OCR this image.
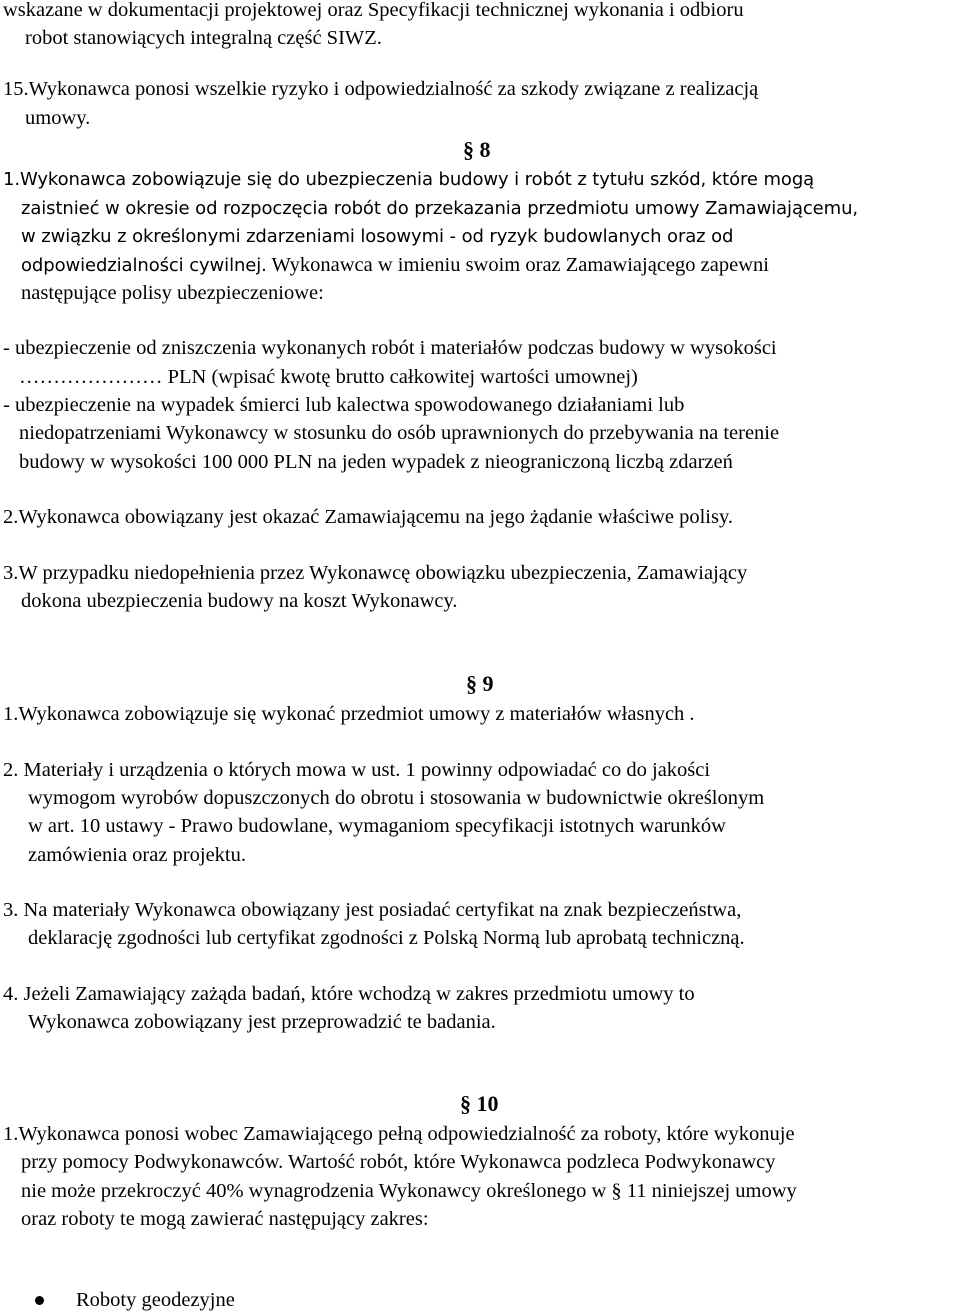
wskazane w dokumentacji projektowej oraz Specyfikacji technicznej wykonania i odbioru

robot stanowiących integralną część SIWZ.

15.Wykonawca ponosi wszelkie ryzyko i odpowiedzialność za szkody związane z realizacją

umowy.

§ 8

1.Wykonawca zobowiązuje się do ubezpieczenia budowy i robót z tytułu szkód, które mogą

zaistnieć w okresie od rozpoczęcia robót do przekazania przedmiotu umowy Zamawiającemu,

w związku z określonymi zdarzeniami losowymi - od ryzyk budowlanych oraz od

odpowiedzialności cywilnej. Wykonawca w imieniu swoim oraz Zamawiającego zapewni

następujące polisy ubezpieczeniowe:

- ubezpieczenie od zniszczenia wykonanych robót i materiałów podczas budowy w wysokości

………………… PLN (wpisać kwotę brutto całkowitej wartości umownej)

- ubezpieczenie na wypadek śmierci lub kalectwa spowodowanego działaniami lub

niedopatrzeniami Wykonawcy w stosunku do osób uprawnionych do przebywania na terenie

budowy w wysokości 100 000 PLN na jeden wypadek z nieograniczoną liczbą zdarzeń

2.Wykonawca obowiązany jest okazać Zamawiającemu na jego żądanie właściwe polisy.

3.W przypadku niedopełnienia przez Wykonawcę obowiązku ubezpieczenia, Zamawiający

dokona ubezpieczenia budowy na koszt Wykonawcy.

§ 9

1.Wykonawca zobowiązuje się wykonać przedmiot umowy z materiałów własnych .

2. Materiały i urządzenia o których mowa w ust. 1 powinny odpowiadać co do jakości

wymogom wyrobów dopuszczonych do obrotu i stosowania w budownictwie określonym

w art. 10 ustawy - Prawo budowlane, wymaganiom specyfikacji istotnych warunków

zamówienia oraz projektu.

3. Na materiały Wykonawca obowiązany jest posiadać certyfikat na znak bezpieczeństwa,

deklarację zgodności lub certyfikat zgodności z Polską Normą lub aprobatą techniczną.

4. Jeżeli Zamawiający zażąda badań, które wchodzą w zakres przedmiotu umowy to

Wykonawca zobowiązany jest przeprowadzić te badania.

§ 10

1.Wykonawca ponosi wobec Zamawiającego pełną odpowiedzialność za roboty, które wykonuje

przy pomocy Podwykonawców. Wartość robót, które Wykonawca podzleca Podwykonawcy

nie może przekroczyć 40% wynagrodzenia Wykonawcy określonego w § 11 niniejszej umowy

oraz roboty te mogą zawierać następujący zakres:

Roboty geodezyjne
